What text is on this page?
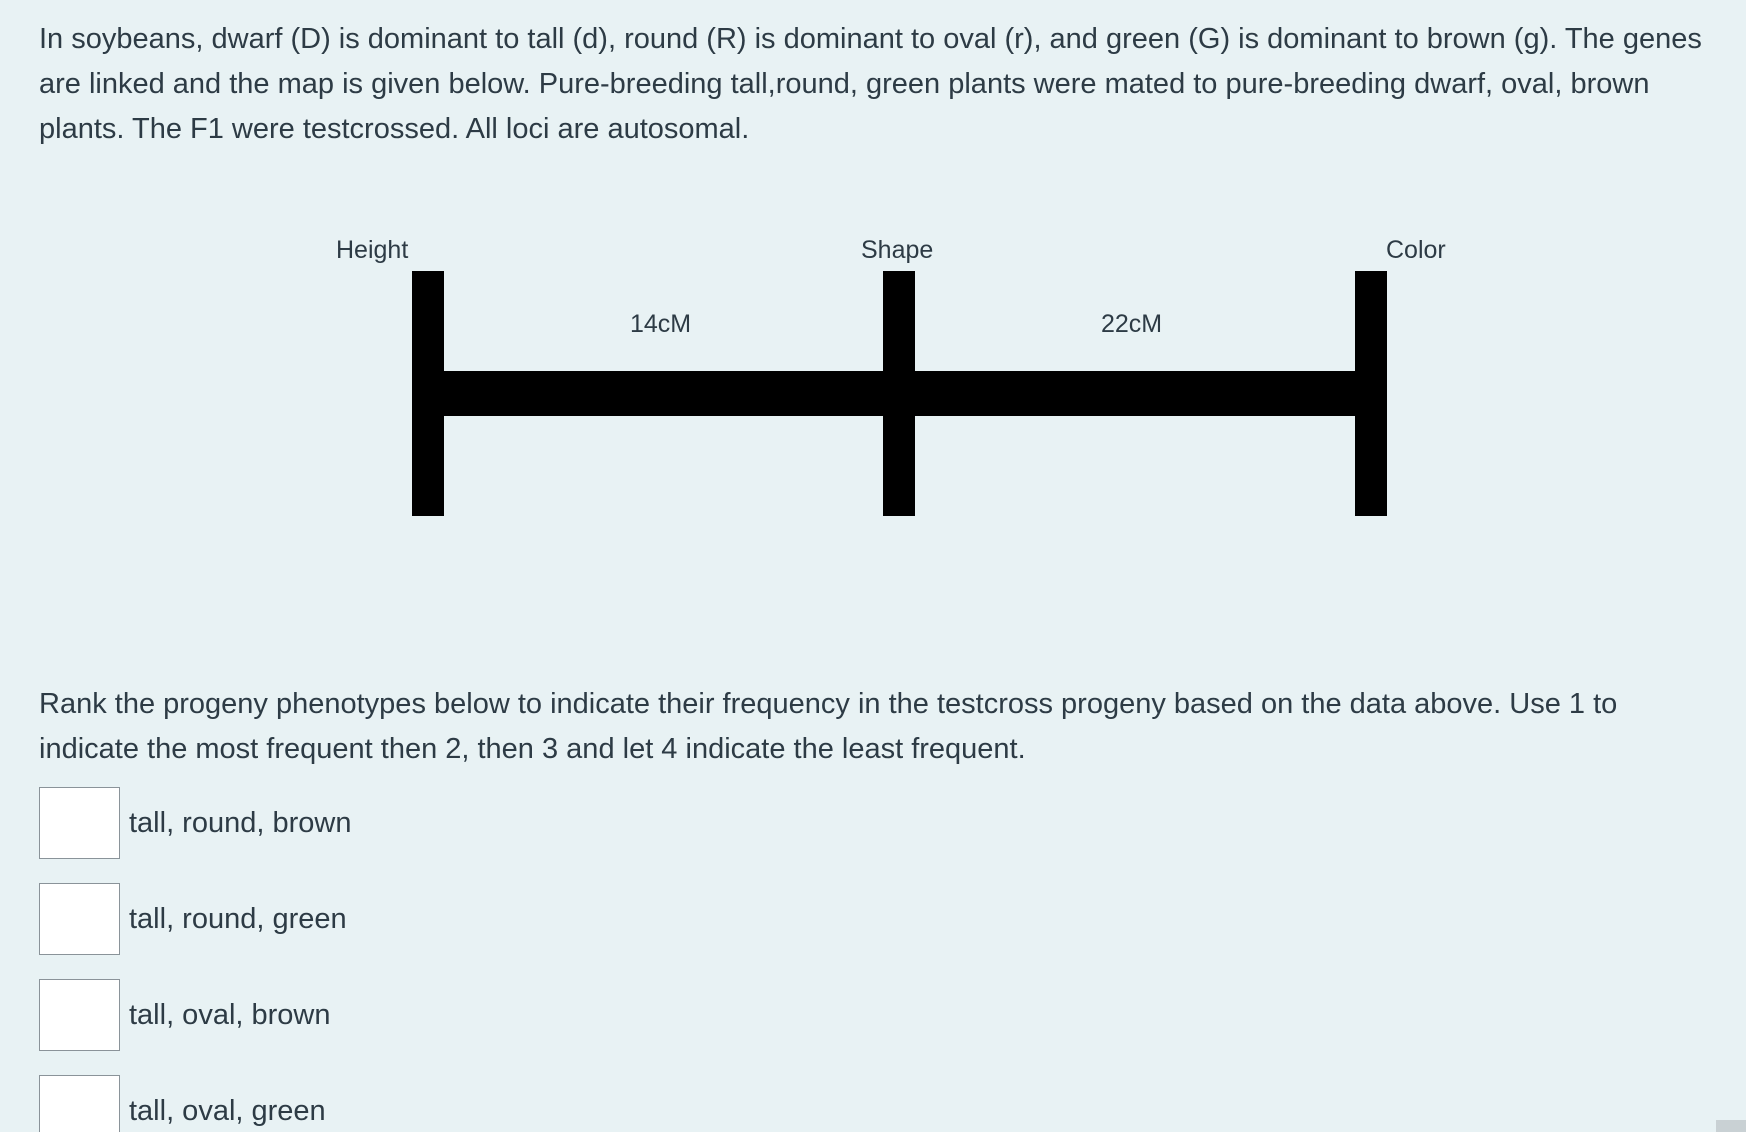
In soybeans, dwarf (D) is dominant to tall (d), round (R) is dominant to oval (r), and green (G) is dominant to brown (g). The genes are linked and the map is given below. Pure-breeding tall,round, green plants were mated to pure-breeding dwarf, oval, brown plants. The F1 were testcrossed. All loci are autosomal.

Height	Shape	Color
14cM	22cM

Rank the progeny phenotypes below to indicate their frequency in the testcross progeny based on the data above. Use 1 to indicate the most frequent then 2, then 3 and let 4 indicate the least frequent.

tall, round, brown
tall, round, green
tall, oval, brown
tall, oval, green
